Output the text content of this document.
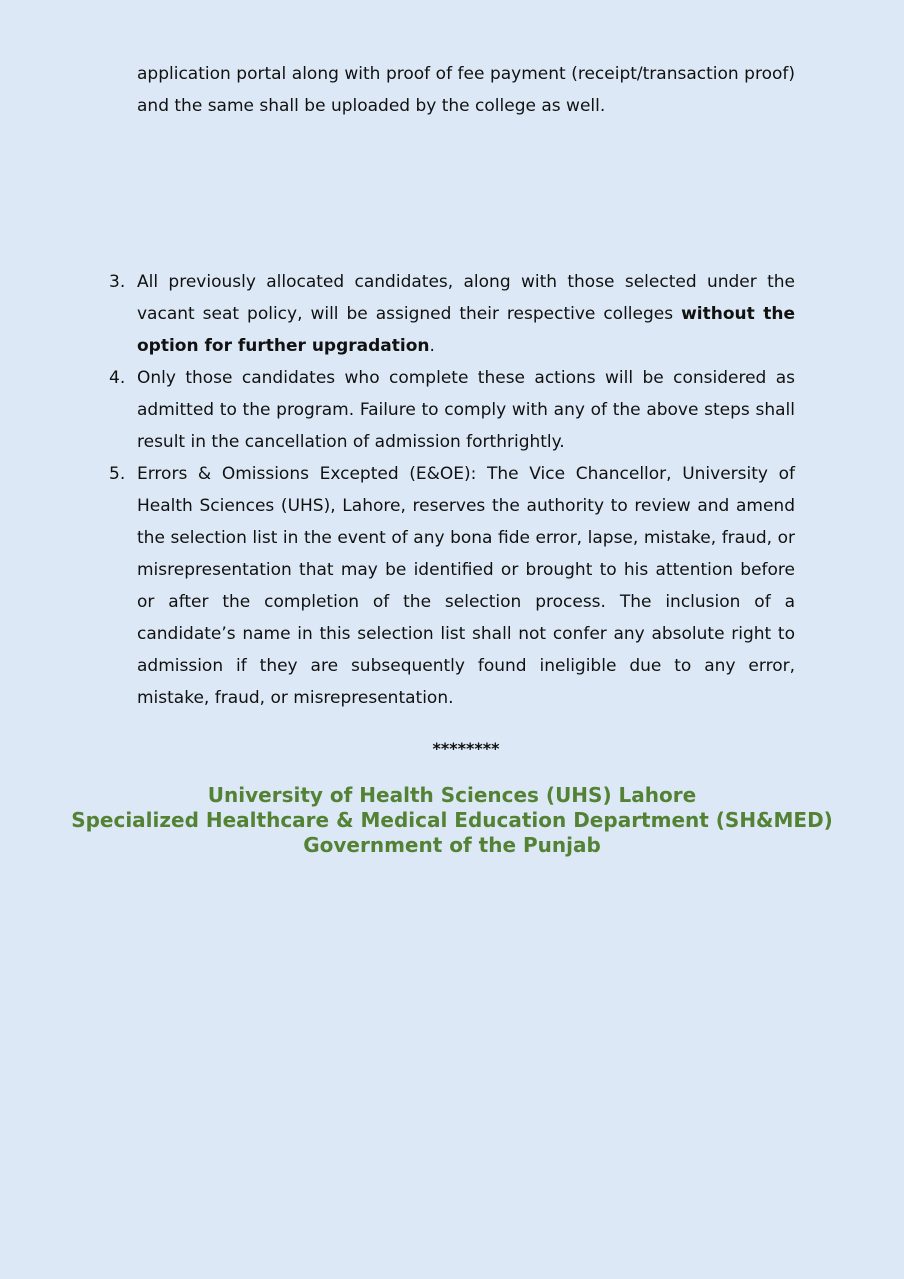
application portal along with proof of fee payment (receipt/transaction proof) and the same shall be uploaded by the college as well.

3. All previously allocated candidates, along with those selected under the vacant seat policy, will be assigned their respective colleges without the option for further upgradation.
4. Only those candidates who complete these actions will be considered as admitted to the program. Failure to comply with any of the above steps shall result in the cancellation of admission forthrightly.
5. Errors & Omissions Excepted (E&OE): The Vice Chancellor, University of Health Sciences (UHS), Lahore, reserves the authority to review and amend the selection list in the event of any bona fide error, lapse, mistake, fraud, or misrepresentation that may be identified or brought to his attention before or after the completion of the selection process. The inclusion of a candidate’s name in this selection list shall not confer any absolute right to admission if they are subsequently found ineligible due to any error, mistake, fraud, or misrepresentation.
********
University of Health Sciences (UHS) Lahore
Specialized Healthcare & Medical Education Department (SH&MED)
Government of the Punjab
